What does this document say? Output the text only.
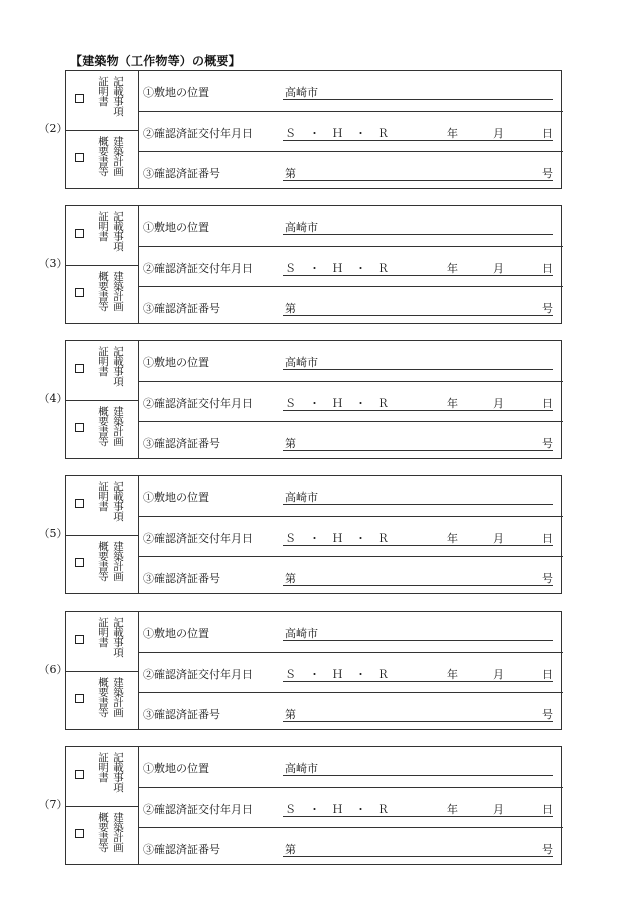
【建築物（工作物等）の概要】
（2）
記載事項
証明書
建築計画
概要書等
①敷地の位置	高崎市
②確認済証交付年月日	Ｓ ・ Ｈ ・ Ｒ	年	月	日
③確認済証番号	第	号
（3）
記載事項
証明書
建築計画
概要書等
①敷地の位置	高崎市
②確認済証交付年月日	Ｓ ・ Ｈ ・ Ｒ	年	月	日
③確認済証番号	第	号
（4）
記載事項
証明書
建築計画
概要書等
①敷地の位置	高崎市
②確認済証交付年月日	Ｓ ・ Ｈ ・ Ｒ	年	月	日
③確認済証番号	第	号
（5）
記載事項
証明書
建築計画
概要書等
①敷地の位置	高崎市
②確認済証交付年月日	Ｓ ・ Ｈ ・ Ｒ	年	月	日
③確認済証番号	第	号
（6）
記載事項
証明書
建築計画
概要書等
①敷地の位置	高崎市
②確認済証交付年月日	Ｓ ・ Ｈ ・ Ｒ	年	月	日
③確認済証番号	第	号
（7）
記載事項
証明書
建築計画
概要書等
①敷地の位置	高崎市
②確認済証交付年月日	Ｓ ・ Ｈ ・ Ｒ	年	月	日
③確認済証番号	第	号
